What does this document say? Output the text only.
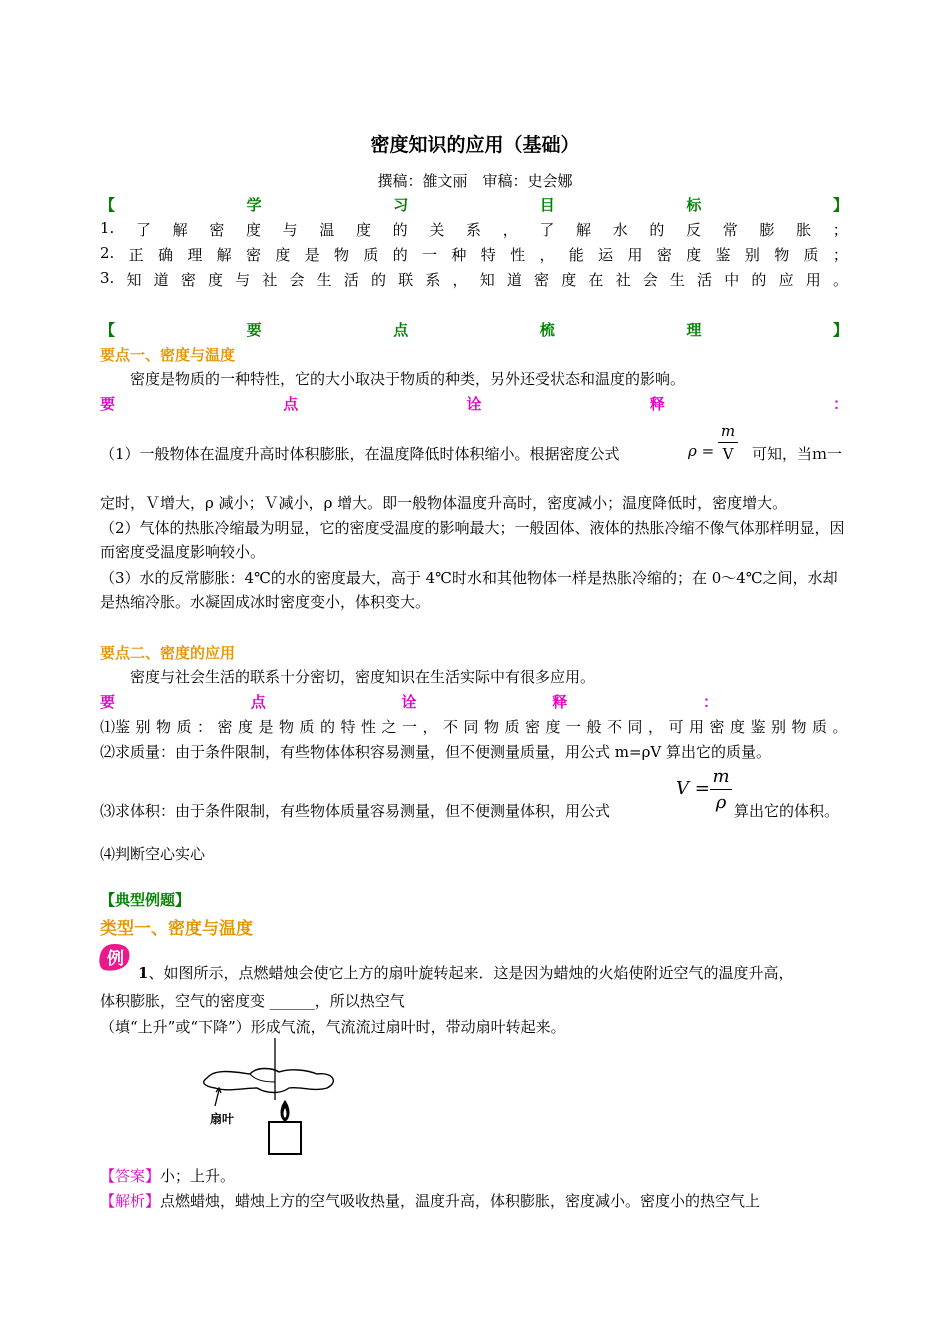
密度知识的应用（基础）
撰稿：雒文丽　审稿：史会娜
【	学	习	目	标	】
1. 了 解 密 度 与 温 度 的 关 系 ， 了 解 水 的 反 常 膨 胀 ；
2. 正 确 理 解 密 度 是 物 质 的 一 种 特 性 ， 能 运 用 密 度 鉴 别 物 质 ；
3. 知 道 密 度 与 社 会 生 活 的 联 系 ， 知 道 密 度 在 社 会 生 活 中 的 应 用 。
【	要	点	梳	理	】
要点一、密度与温度
密度是物质的一种特性，它的大小取决于物质的种类，另外还受状态和温度的影响。
要	点	诠	释	：
（1）一般物体在温度升高时体积膨胀，在温度降低时体积缩小。根据密度公式	ρ =
m
V 可知，当ｍ一
定时，Ｖ增大，ρ 减小；Ｖ减小，ρ 增大。即一般物体温度升高时，密度减小；温度降低时，密度增大。
（2）气体的热胀冷缩最为明显，它的密度受温度的影响最大；一般固体、液体的热胀冷缩不像气体那样明显，因而密度受温度影响较小。
（3）水的反常膨胀：4℃的水的密度最大，高于 4℃时水和其他物体一样是热胀冷缩的；在 0～4℃之间，水却是热缩冷胀。水凝固成冰时密度变小，体积变大。
要点二、密度的应用
密度与社会生活的联系十分密切，密度知识在生活实际中有很多应用。
要	点	诠	释	：
⑴鉴 别 物 质 ： 密 度 是 物 质 的 特 性 之 一 ， 不 同 物 质 密 度 一 般 不 同 ， 可 用 密 度 鉴 别 物 质 。
⑵求质量：由于条件限制，有些物体体积容易测量，但不便测量质量，用公式 m=ρV 算出它的质量。
⑶求体积：由于条件限制，有些物体质量容易测量，但不便测量体积，用公式
V =
m
ρ 算出它的体积。
⑷判断空心实心
【典型例题】
类型一、密度与温度
例
1、如图所示，点燃蜡烛会使它上方的扇叶旋转起来．这是因为蜡烛的火焰使附近空气的温度升高，
体积膨胀，空气的密度变 ______，所以热空气
（填“上升”或“下降”）形成气流，气流流过扇叶时，带动扇叶转起来。
扇叶
【答案】小；上升。
【解析】点燃蜡烛，蜡烛上方的空气吸收热量，温度升高，体积膨胀，密度减小。密度小的热空气上
